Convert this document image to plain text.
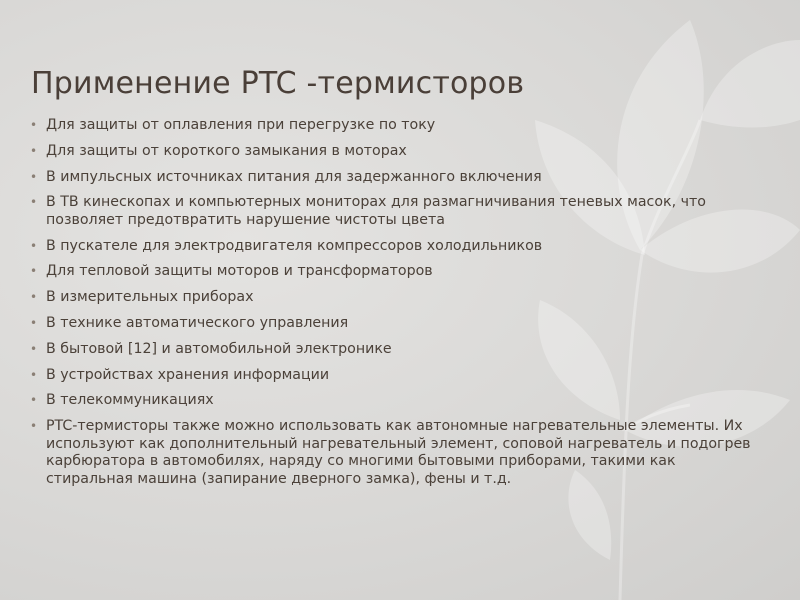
Применение PTC -термисторов
• Для защиты от оплавления при перегрузке по току
• Для защиты от короткого замыкания в моторах
• В импульсных источниках питания для задержанного включения
• В ТВ кинескопах и компьютерных мониторах для размагничивания теневых масок, что позволяет предотвратить нарушение чистоты цвета
• В пускателе для электродвигателя компрессоров холодильников
• Для тепловой защиты моторов и трансформаторов
• В измерительных приборах
• В технике автоматического управления
• В бытовой [12] и автомобильной электронике
• В устройствах хранения информации
• В телекоммуникациях
• PTC-термисторы также можно использовать как автономные нагревательные элементы. Их используют как дополнительный нагревательный элемент, соповой нагреватель и подогрев карбюратора в автомобилях, наряду со многими бытовыми приборами, такими как стиральная машина (запирание дверного замка), фены и т.д.
